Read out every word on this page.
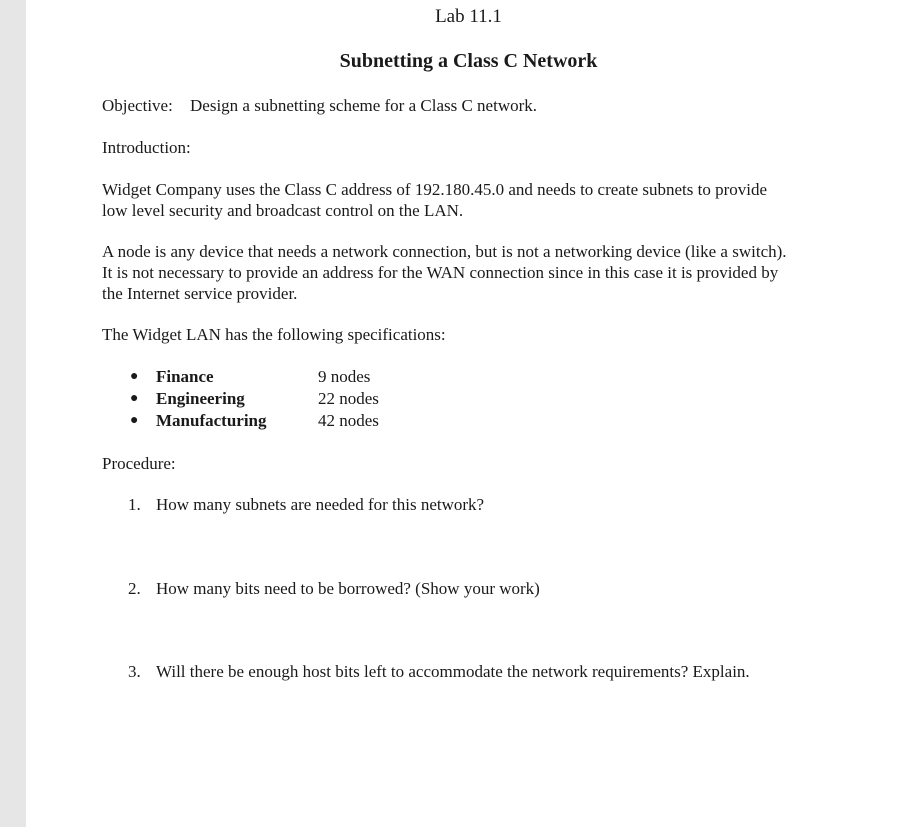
Lab 11.1
Subnetting a Class C Network

Objective: Design a subnetting scheme for a Class C network.

Introduction:

Widget Company uses the Class C address of 192.180.45.0 and needs to create subnets to provide
low level security and broadcast control on the LAN.

A node is any device that needs a network connection, but is not a networking device (like a switch).
It is not necessary to provide an address for the WAN connection since in this case it is provided by
the Internet service provider.

The Widget LAN has the following specifications:

● Finance	9 nodes
● Engineering	22 nodes
● Manufacturing	42 nodes

Procedure:

1. How many subnets are needed for this network?
2. How many bits need to be borrowed? (Show your work)
3. Will there be enough host bits left to accommodate the network requirements? Explain.
